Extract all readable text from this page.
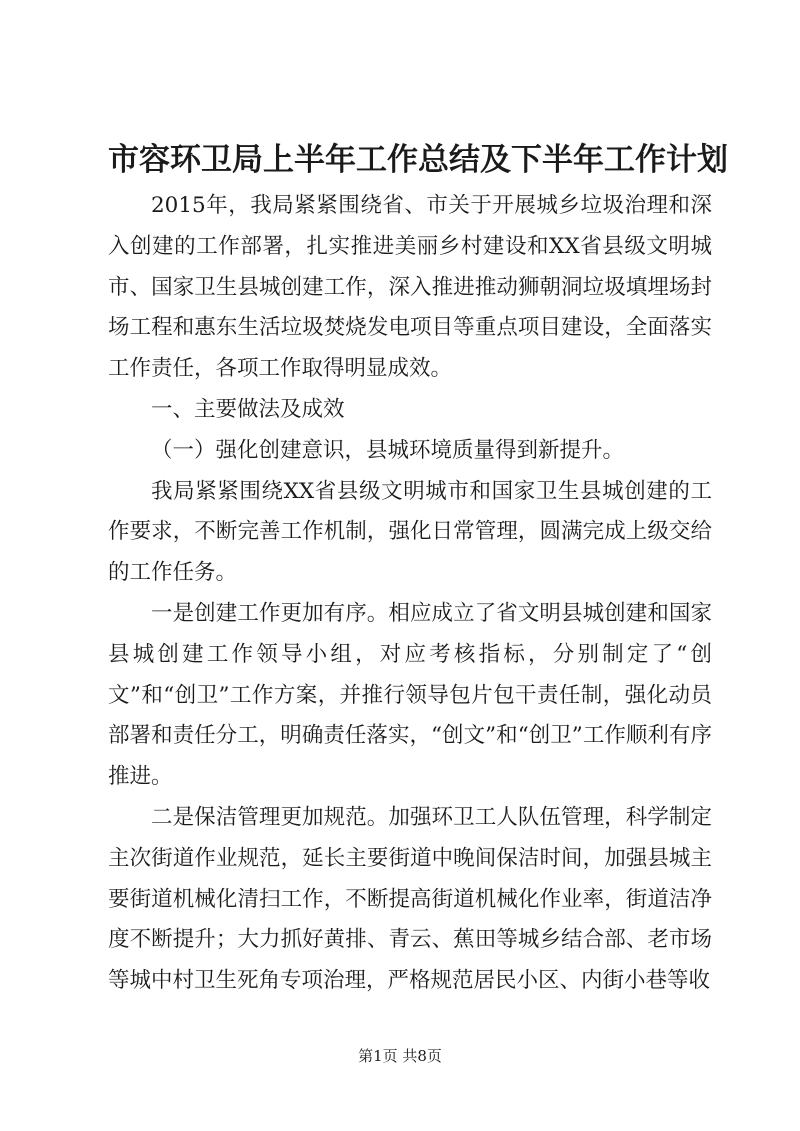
市容环卫局上半年工作总结及下半年工作计划

2015年，我局紧紧围绕省、市关于开展城乡垃圾治理和深入创建的工作部署，扎实推进美丽乡村建设和XX省县级文明城市、国家卫生县城创建工作，深入推进推动狮朝洞垃圾填埋场封场工程和惠东生活垃圾焚烧发电项目等重点项目建设，全面落实工作责任，各项工作取得明显成效。

一、主要做法及成效

（一）强化创建意识，县城环境质量得到新提升。

我局紧紧围绕XX省县级文明城市和国家卫生县城创建的工作要求，不断完善工作机制，强化日常管理，圆满完成上级交给的工作任务。

一是创建工作更加有序。相应成立了省文明县城创建和国家县城创建工作领导小组，对应考核指标，分别制定了“创文”和“创卫”工作方案，并推行领导包片包干责任制，强化动员部署和责任分工，明确责任落实，“创文”和“创卫”工作顺利有序推进。

二是保洁管理更加规范。加强环卫工人队伍管理，科学制定主次街道作业规范，延长主要街道中晚间保洁时间，加强县城主要街道机械化清扫工作，不断提高街道机械化作业率，街道洁净度不断提升；大力抓好黄排、青云、蕉田等城乡结合部、老市场等城中村卫生死角专项治理，严格规范居民小区、内街小巷等收

第1页 共8页
